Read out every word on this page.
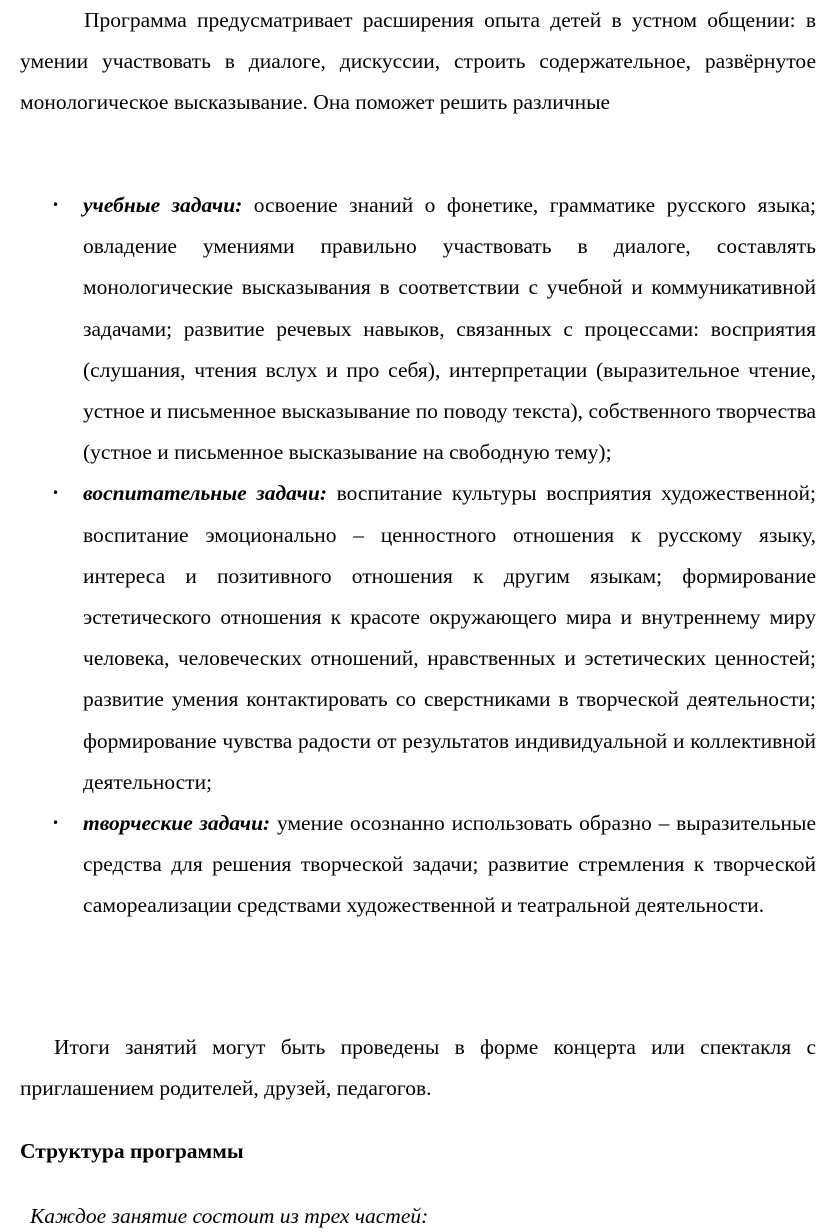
Программа предусматривает расширения опыта детей в устном общении: в умении участвовать в диалоге, дискуссии, строить содержательное, развёрнутое монологическое высказывание. Она поможет решить различные

• учебные задачи: освоение знаний о фонетике, грамматике русского языка; овладение умениями правильно участвовать в диалоге, составлять монологические высказывания в соответствии с учебной и коммуникативной задачами; развитие речевых навыков, связанных с процессами: восприятия (слушания, чтения вслух и про себя), интерпретации (выразительное чтение, устное и письменное высказывание по поводу текста), собственного творчества (устное и письменное высказывание на свободную тему);
• воспитательные задачи: воспитание культуры восприятия художественной; воспитание эмоционально – ценностного отношения к русскому языку, интереса и позитивного отношения к другим языкам; формирование эстетического отношения к красоте окружающего мира и внутреннему миру человека, человеческих отношений, нравственных и эстетических ценностей; развитие умения контактировать со сверстниками в творческой деятельности; формирование чувства радости от результатов индивидуальной и коллективной деятельности;
• творческие задачи: умение осознанно использовать образно – выразительные средства для решения творческой задачи; развитие стремления к творческой самореализации средствами художественной и театральной деятельности.

Итоги занятий могут быть проведены в форме концерта или спектакля с приглашением родителей, друзей, педагогов.

Структура программы

Каждое занятие состоит из трех частей:
